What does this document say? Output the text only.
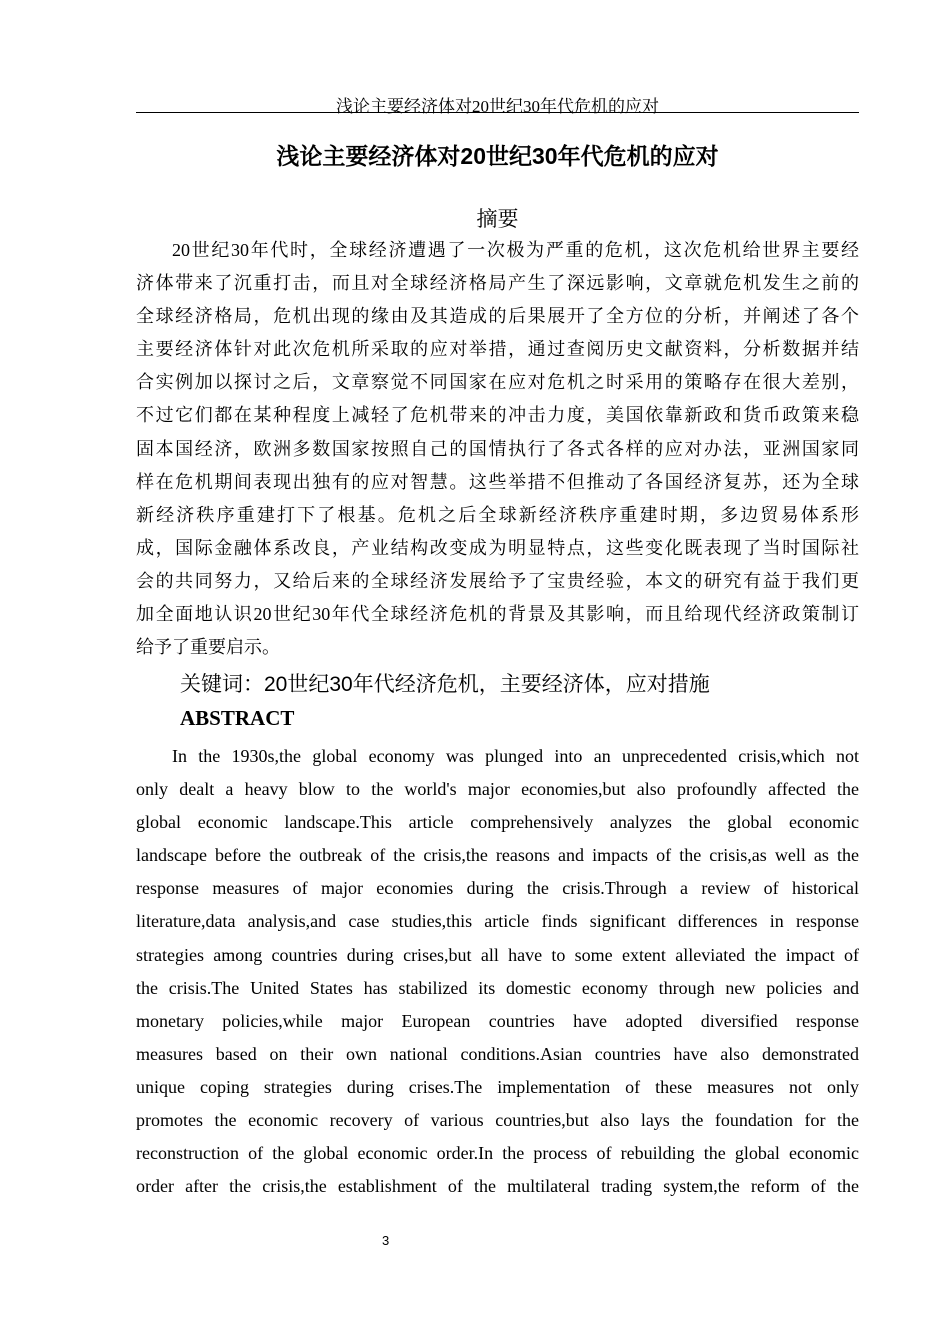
浅论主要经济体对20世纪30年代危机的应对
浅论主要经济体对20世纪30年代危机的应对
摘要
20世纪30年代时，全球经济遭遇了一次极为严重的危机，这次危机给世界主要经
济体带来了沉重打击，而且对全球经济格局产生了深远影响，文章就危机发生之前的
全球经济格局，危机出现的缘由及其造成的后果展开了全方位的分析，并阐述了各个
主要经济体针对此次危机所采取的应对举措，通过查阅历史文献资料，分析数据并结
合实例加以探讨之后，文章察觉不同国家在应对危机之时采用的策略存在很大差别，
不过它们都在某种程度上减轻了危机带来的冲击力度，美国依靠新政和货币政策来稳
固本国经济，欧洲多数国家按照自己的国情执行了各式各样的应对办法，亚洲国家同
样在危机期间表现出独有的应对智慧。这些举措不但推动了各国经济复苏，还为全球
新经济秩序重建打下了根基。危机之后全球新经济秩序重建时期，多边贸易体系形
成，国际金融体系改良，产业结构改变成为明显特点，这些变化既表现了当时国际社
会的共同努力，又给后来的全球经济发展给予了宝贵经验，本文的研究有益于我们更
加全面地认识20世纪30年代全球经济危机的背景及其影响，而且给现代经济政策制订
给予了重要启示。
关键词：20世纪30年代经济危机，主要经济体，应对措施
ABSTRACT
In the 1930s,the global economy was plunged into an unprecedented crisis,which not
only dealt a heavy blow to the world's major economies,but also profoundly affected the
global economic landscape.This article comprehensively analyzes the global economic
landscape before the outbreak of the crisis,the reasons and impacts of the crisis,as well as the
response measures of major economies during the crisis.Through a review of historical
literature,data analysis,and case studies,this article finds significant differences in response
strategies among countries during crises,but all have to some extent alleviated the impact of
the crisis.The United States has stabilized its domestic economy through new policies and
monetary policies,while major European countries have adopted diversified response
measures based on their own national conditions.Asian countries have also demonstrated
unique coping strategies during crises.The implementation of these measures not only
promotes the economic recovery of various countries,but also lays the foundation for the
reconstruction of the global economic order.In the process of rebuilding the global economic
order after the crisis,the establishment of the multilateral trading system,the reform of the
3
